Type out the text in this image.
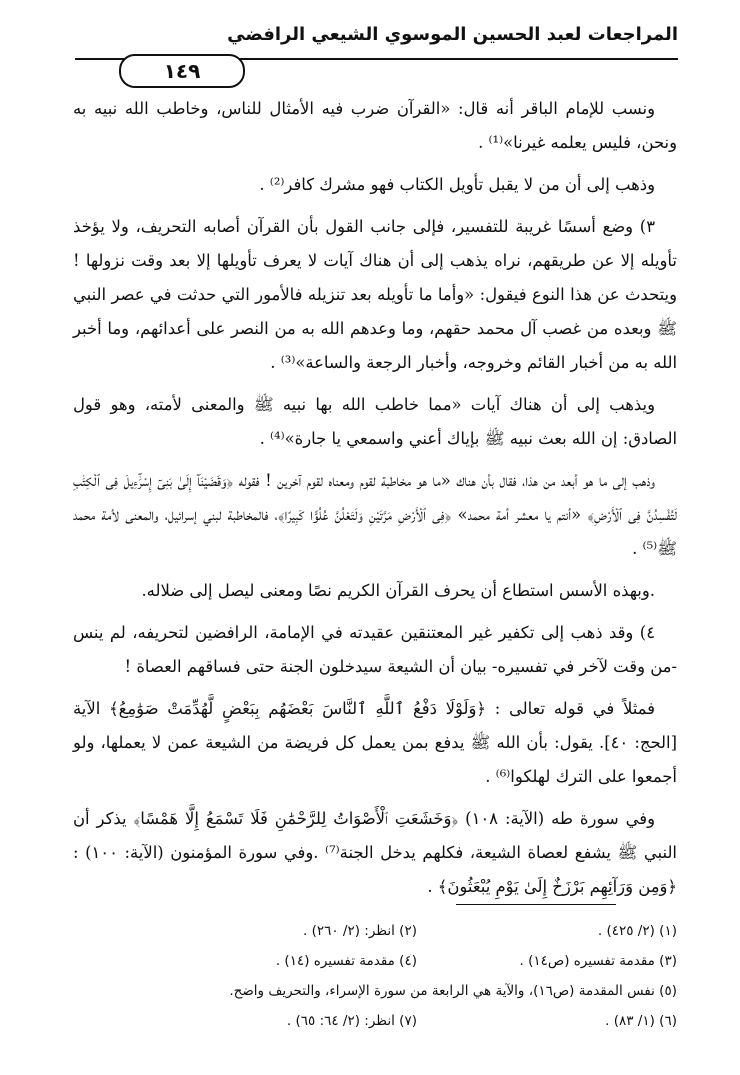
المراجعات لعبد الحسين الموسوي الشيعي الرافضي
١٤٩

ونسب للإمام الباقر أنه قال: «القرآن ضرب فيه الأمثال للناس، وخاطب الله نبيه به ونحن، فليس يعلمه غيرنا»⁽¹⁾ .

وذهب إلى أن من لا يقبل تأويل الكتاب فهو مشرك كافر⁽²⁾ .

٣) وضع أسسًا غريبة للتفسير، فإلى جانب القول بأن القرآن أصابه التحريف، ولا يؤخذ تأويله إلا عن طريقهم، نراه يذهب إلى أن هناك آيات لا يعرف تأويلها إلا بعد وقت نزولها ! ويتحدث عن هذا النوع فيقول: «وأما ما تأويله بعد تنزيله فالأمور التي حدثت في عصر النبي ﷺ وبعده من غصب آل محمد حقهم، وما وعدهم الله به من النصر على أعدائهم، وما أخبر الله به من أخبار القائم وخروجه، وأخبار الرجعة والساعة»⁽³⁾ .

ويذهب إلى أن هناك آيات «مما خاطب الله بها نبيه ﷺ والمعنى لأمته، وهو قول الصادق: إن الله بعث نبيه ﷺ بإياك أعني واسمعي يا جارة»⁽⁴⁾ .

وذهب إلى ما هو أبعد من هذا، فقال بأن هناك «ما هو مخاطبة لقوم ومعناه لقوم آخرين ! فقوله ﴿وَقَضَيْنَآ إِلَىٰ بَنِىٓ إِسْرَٰٓءِيلَ فِى ٱلْكِتَٰبِ لَتُفْسِدُنَّ فِى ٱلْأَرْضِ﴾ «أنتم يا معشر أمة محمد» ﴿فِى ٱلْأَرْضِ مَرَّتَيْنِ وَلَتَعْلُنَّ عُلُوًّا كَبِيرًا﴾، فالمخاطبة لبني إسرائيل، والمعنى لأمة محمد ﷺ⁽⁵⁾ .

.وبهذه الأسس استطاع أن يحرف القرآن الكريم نصًا ومعنى ليصل إلى ضلاله.

٤) وقد ذهب إلى تكفير غير المعتنقين عقيدته في الإمامة، الرافضين لتحريفه، لم ينس -من وقت لآخر في تفسيره- بيان أن الشيعة سيدخلون الجنة حتى فساقهم العصاة !

فمثلاً في قوله تعالى : ﴿وَلَوْلَا دَفْعُ ٱللَّهِ ٱلنَّاسَ بَعْضَهُم بِبَعْضٍ لَّهُدِّمَتْ صَوَٰمِعُ﴾ الآية [الحج: ٤٠]. يقول: بأن الله ﷺ يدفع بمن يعمل كل فريضة من الشيعة عمن لا يعملها، ولو أجمعوا على الترك لهلكوا⁽⁶⁾ .

وفي سورة طه (الآية: ١٠٨) ﴿وَخَشَعَتِ ٱلْأَصْوَاتُ لِلرَّحْمَٰنِ فَلَا تَسْمَعُ إِلَّا هَمْسًا﴾ يذكر أن النبي ﷺ يشفع لعصاة الشيعة، فكلهم يدخل الجنة⁽⁷⁾ .وفي سورة المؤمنون (الآية: ١٠٠) : ﴿وَمِن وَرَآئِهِم بَرْزَخٌ إِلَىٰ يَوْمِ يُبْعَثُونَ﴾ .

(١) (٢/ ٤٢٥) .
(٢) انظر: (٢/ ٢٦٠) .
(٣) مقدمة تفسيره (ص١٤) .
(٤) مقدمة تفسيره (١٤) .
(٥) نفس المقدمة (ص١٦)، والآية هي الرابعة من سورة الإسراء، والتحريف واضح.
(٦) (١/ ٨٣) .
(٧) انظر: (٢/ ٦٤: ٦٥) .
